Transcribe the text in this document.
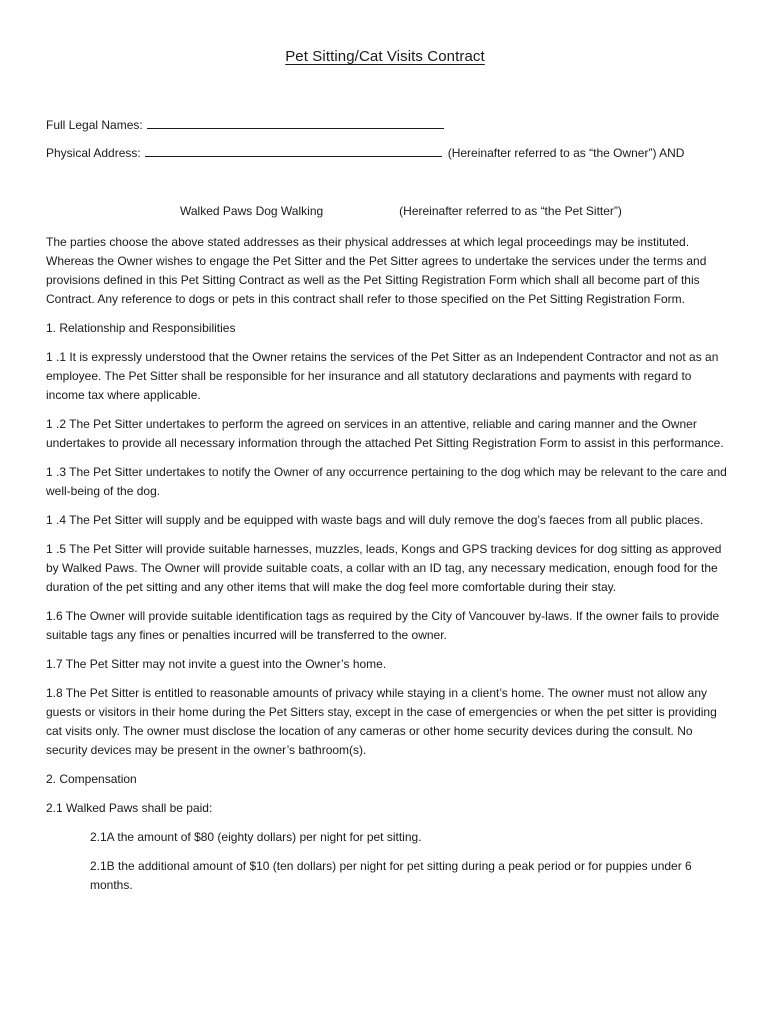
Pet Sitting/Cat Visits Contract
Full Legal Names:
Physical Address:	(Hereinafter referred to as “the Owner”) AND
Walked Paws Dog Walking	(Hereinafter referred to as “the Pet Sitter”)

The parties choose the above stated addresses as their physical addresses at which legal proceedings may be instituted. Whereas the Owner wishes to engage the Pet Sitter and the Pet Sitter agrees to undertake the services under the terms and provisions defined in this Pet Sitting Contract as well as the Pet Sitting Registration Form which shall all become part of this Contract. Any reference to dogs or pets in this contract shall refer to those specified on the Pet Sitting Registration Form.

1. Relationship and Responsibilities

1 .1 It is expressly understood that the Owner retains the services of the Pet Sitter as an Independent Contractor and not as an employee. The Pet Sitter shall be responsible for her insurance and all statutory declarations and payments with regard to income tax where applicable.

1 .2 The Pet Sitter undertakes to perform the agreed on services in an attentive, reliable and caring manner and the Owner undertakes to provide all necessary information through the attached Pet Sitting Registration Form to assist in this performance.

1 .3 The Pet Sitter undertakes to notify the Owner of any occurrence pertaining to the dog which may be relevant to the care and well-being of the dog.

1 .4 The Pet Sitter will supply and be equipped with waste bags and will duly remove the dog’s faeces from all public places.

1 .5 The Pet Sitter will provide suitable harnesses, muzzles, leads, Kongs and GPS tracking devices for dog sitting as approved by Walked Paws. The Owner will provide suitable coats, a collar with an ID tag, any necessary medication, enough food for the duration of the pet sitting and any other items that will make the dog feel more comfortable during their stay.

1.6 The Owner will provide suitable identification tags as required by the City of Vancouver by-laws. If the owner fails to provide suitable tags any fines or penalties incurred will be transferred to the owner.

1.7 The Pet Sitter may not invite a guest into the Owner’s home.

1.8 The Pet Sitter is entitled to reasonable amounts of privacy while staying in a client’s home. The owner must not allow any guests or visitors in their home during the Pet Sitters stay, except in the case of emergencies or when the pet sitter is providing cat visits only. The owner must disclose the location of any cameras or other home security devices during the consult. No security devices may be present in the owner’s bathroom(s).

2. Compensation

2.1 Walked Paws shall be paid:

2.1A the amount of $80 (eighty dollars) per night for pet sitting.

2.1B the additional amount of $10 (ten dollars) per night for pet sitting during a peak period or for puppies under 6 months.
